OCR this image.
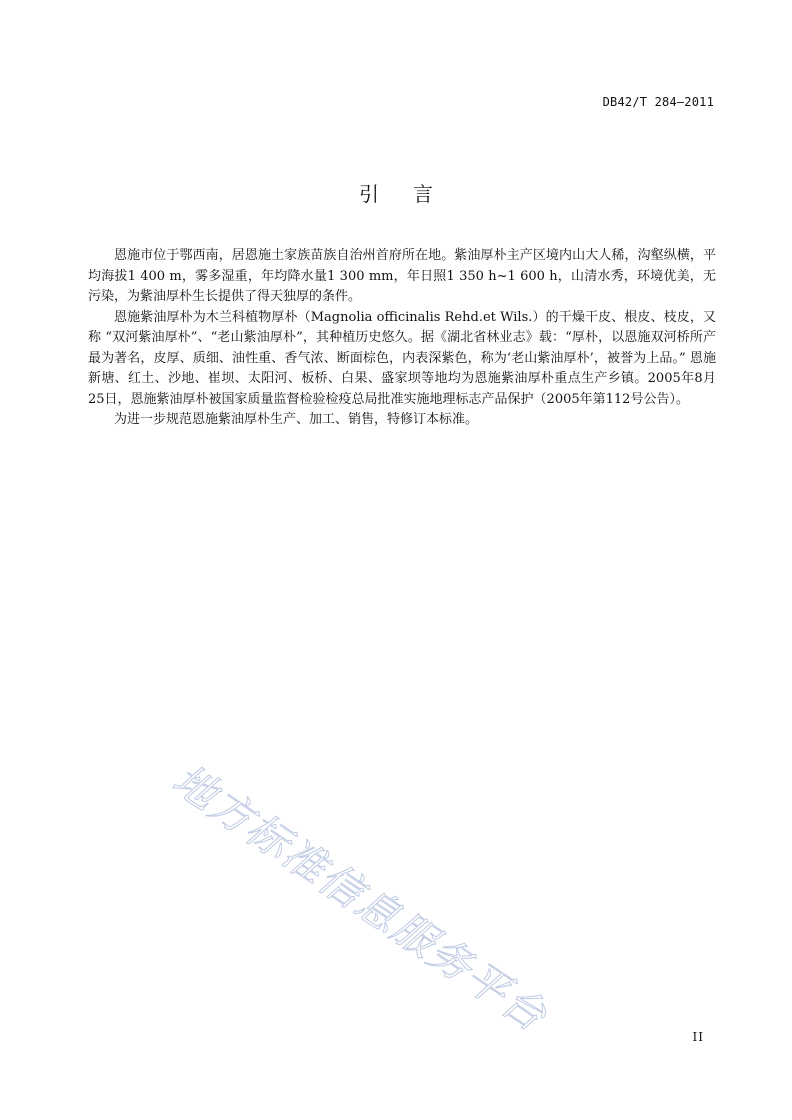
DB42/T 284—2011
引言

恩施市位于鄂西南，居恩施土家族苗族自治州首府所在地。紫油厚朴主产区境内山大人稀，沟壑纵横，平均海拔1 400 m，雾多湿重，年均降水量1 300 mm，年日照1 350 h~1 600 h，山清水秀，环境优美，无污染，为紫油厚朴生长提供了得天独厚的条件。

恩施紫油厚朴为木兰科植物厚朴（Magnolia officinalis Rehd.et Wils.）的干燥干皮、根皮、枝皮，又称 “双河紫油厚朴”、“老山紫油厚朴”，其种植历史悠久。据《湖北省林业志》载：“厚朴，以恩施双河桥所产最为著名，皮厚、质细、油性重、香气浓、断面棕色，内表深紫色，称为‘老山紫油厚朴’，被誉为上品。” 恩施新塘、红土、沙地、崔坝、太阳河、板桥、白果、盛家坝等地均为恩施紫油厚朴重点生产乡镇。2005年8月25日，恩施紫油厚朴被国家质量监督检验检疫总局批准实施地理标志产品保护（2005年第112号公告）。

为进一步规范恩施紫油厚朴生产、加工、销售，特修订本标准。

地方标准信息服务平台	II
